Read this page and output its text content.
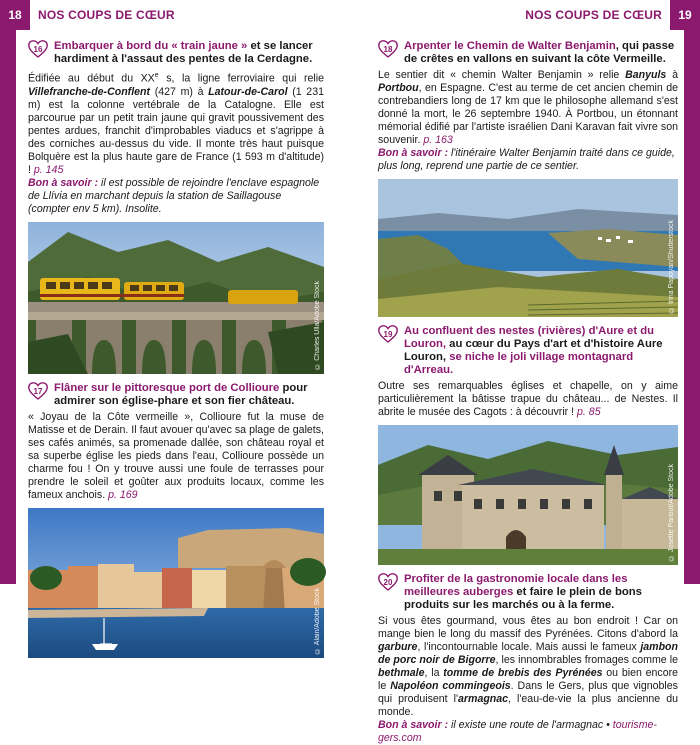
18	NOS COUPS DE CŒUR
16	Embarquer à bord du « train jaune » et se lancer hardiment à l'assaut des pentes de la Cerdagne.
Édifiée au début du XXe s, la ligne ferroviaire qui relie Villefranche-de-Conflent (427 m) à Latour-de-Carol (1 231 m) est la colonne vertébrale de la Catalogne. Elle est parcourue par un petit train jaune qui gravit poussivement des pentes ardues, franchit d'improbables viaducs et s'agrippe à des corniches au-dessus du vide. Il monte très haut puisque Bolquère est la plus haute gare de France (1 593 m d'altitude) ! p. 145
Bon à savoir : il est possible de rejoindre l'enclave espagnole de Llívia en marchant depuis la station de Saillagouse (compter env 5 km). Insolite.
© Charles Ulla/Adobe Stock
17	Flâner sur le pittoresque port de Collioure pour admirer son église-phare et son fier château.
« Joyau de la Côte vermeille », Collioure fut la muse de Matisse et de Derain. Il faut avouer qu'avec sa plage de galets, ses cafés animés, sa promenade dallée, son château royal et sa superbe église les pieds dans l'eau, Collioure possède un charme fou ! On y trouve aussi une foule de terrasses pour prendre le soleil et goûter aux produits locaux, comme les fameux anchois. p. 169
© Alain/Adobe Stock
NOS COUPS DE CŒUR	19
18	Arpenter le Chemin de Walter Benjamin, qui passe de crêtes en vallons en suivant la côte Vermeille.
Le sentier dit « chemin Walter Benjamin » relie Banyuls à Portbou, en Espagne. C'est au terme de cet ancien chemin de contrebandiers long de 17 km que le philosophe allemand s'est donné la mort, le 26 septembre 1940. À Portbou, un étonnant mémorial édifié par l'artiste israélien Dani Karavan fait vivre son souvenir. p. 163
Bon à savoir : l'itinéraire Walter Benjamin traité dans ce guide, plus long, reprend une partie de ce sentier.
© Irina Papoyan/Shutterstock
19	Au confluent des nestes (rivières) d'Aure et du Louron, au cœur du Pays d'art et d'histoire Aure Louron, se niche le joli village montagnard d'Arreau.
Outre ses remarquables églises et chapelle, on y aime particulièrement la bâtisse trapue du château... de Nestes. Il abrite le musée des Cagots : à découvrir ! p. 85
© Josette Parisot/Adobe Stock
20	Profiter de la gastronomie locale dans les meilleures auberges et faire le plein de bons produits sur les marchés ou à la ferme.
Si vous êtes gourmand, vous êtes au bon endroit ! Car on mange bien le long du massif des Pyrénées. Citons d'abord la garbure, l'incontournable locale. Mais aussi le fameux jambon de porc noir de Bigorre, les innombrables fromages comme le bethmale, la tomme de brebis des Pyrénées ou bien encore le Napoléon commingeois. Dans le Gers, plus que vignobles qui produisent l'armagnac, l'eau-de-vie la plus ancienne du monde.
Bon à savoir : il existe une route de l'armagnac • tourisme-gers.com
